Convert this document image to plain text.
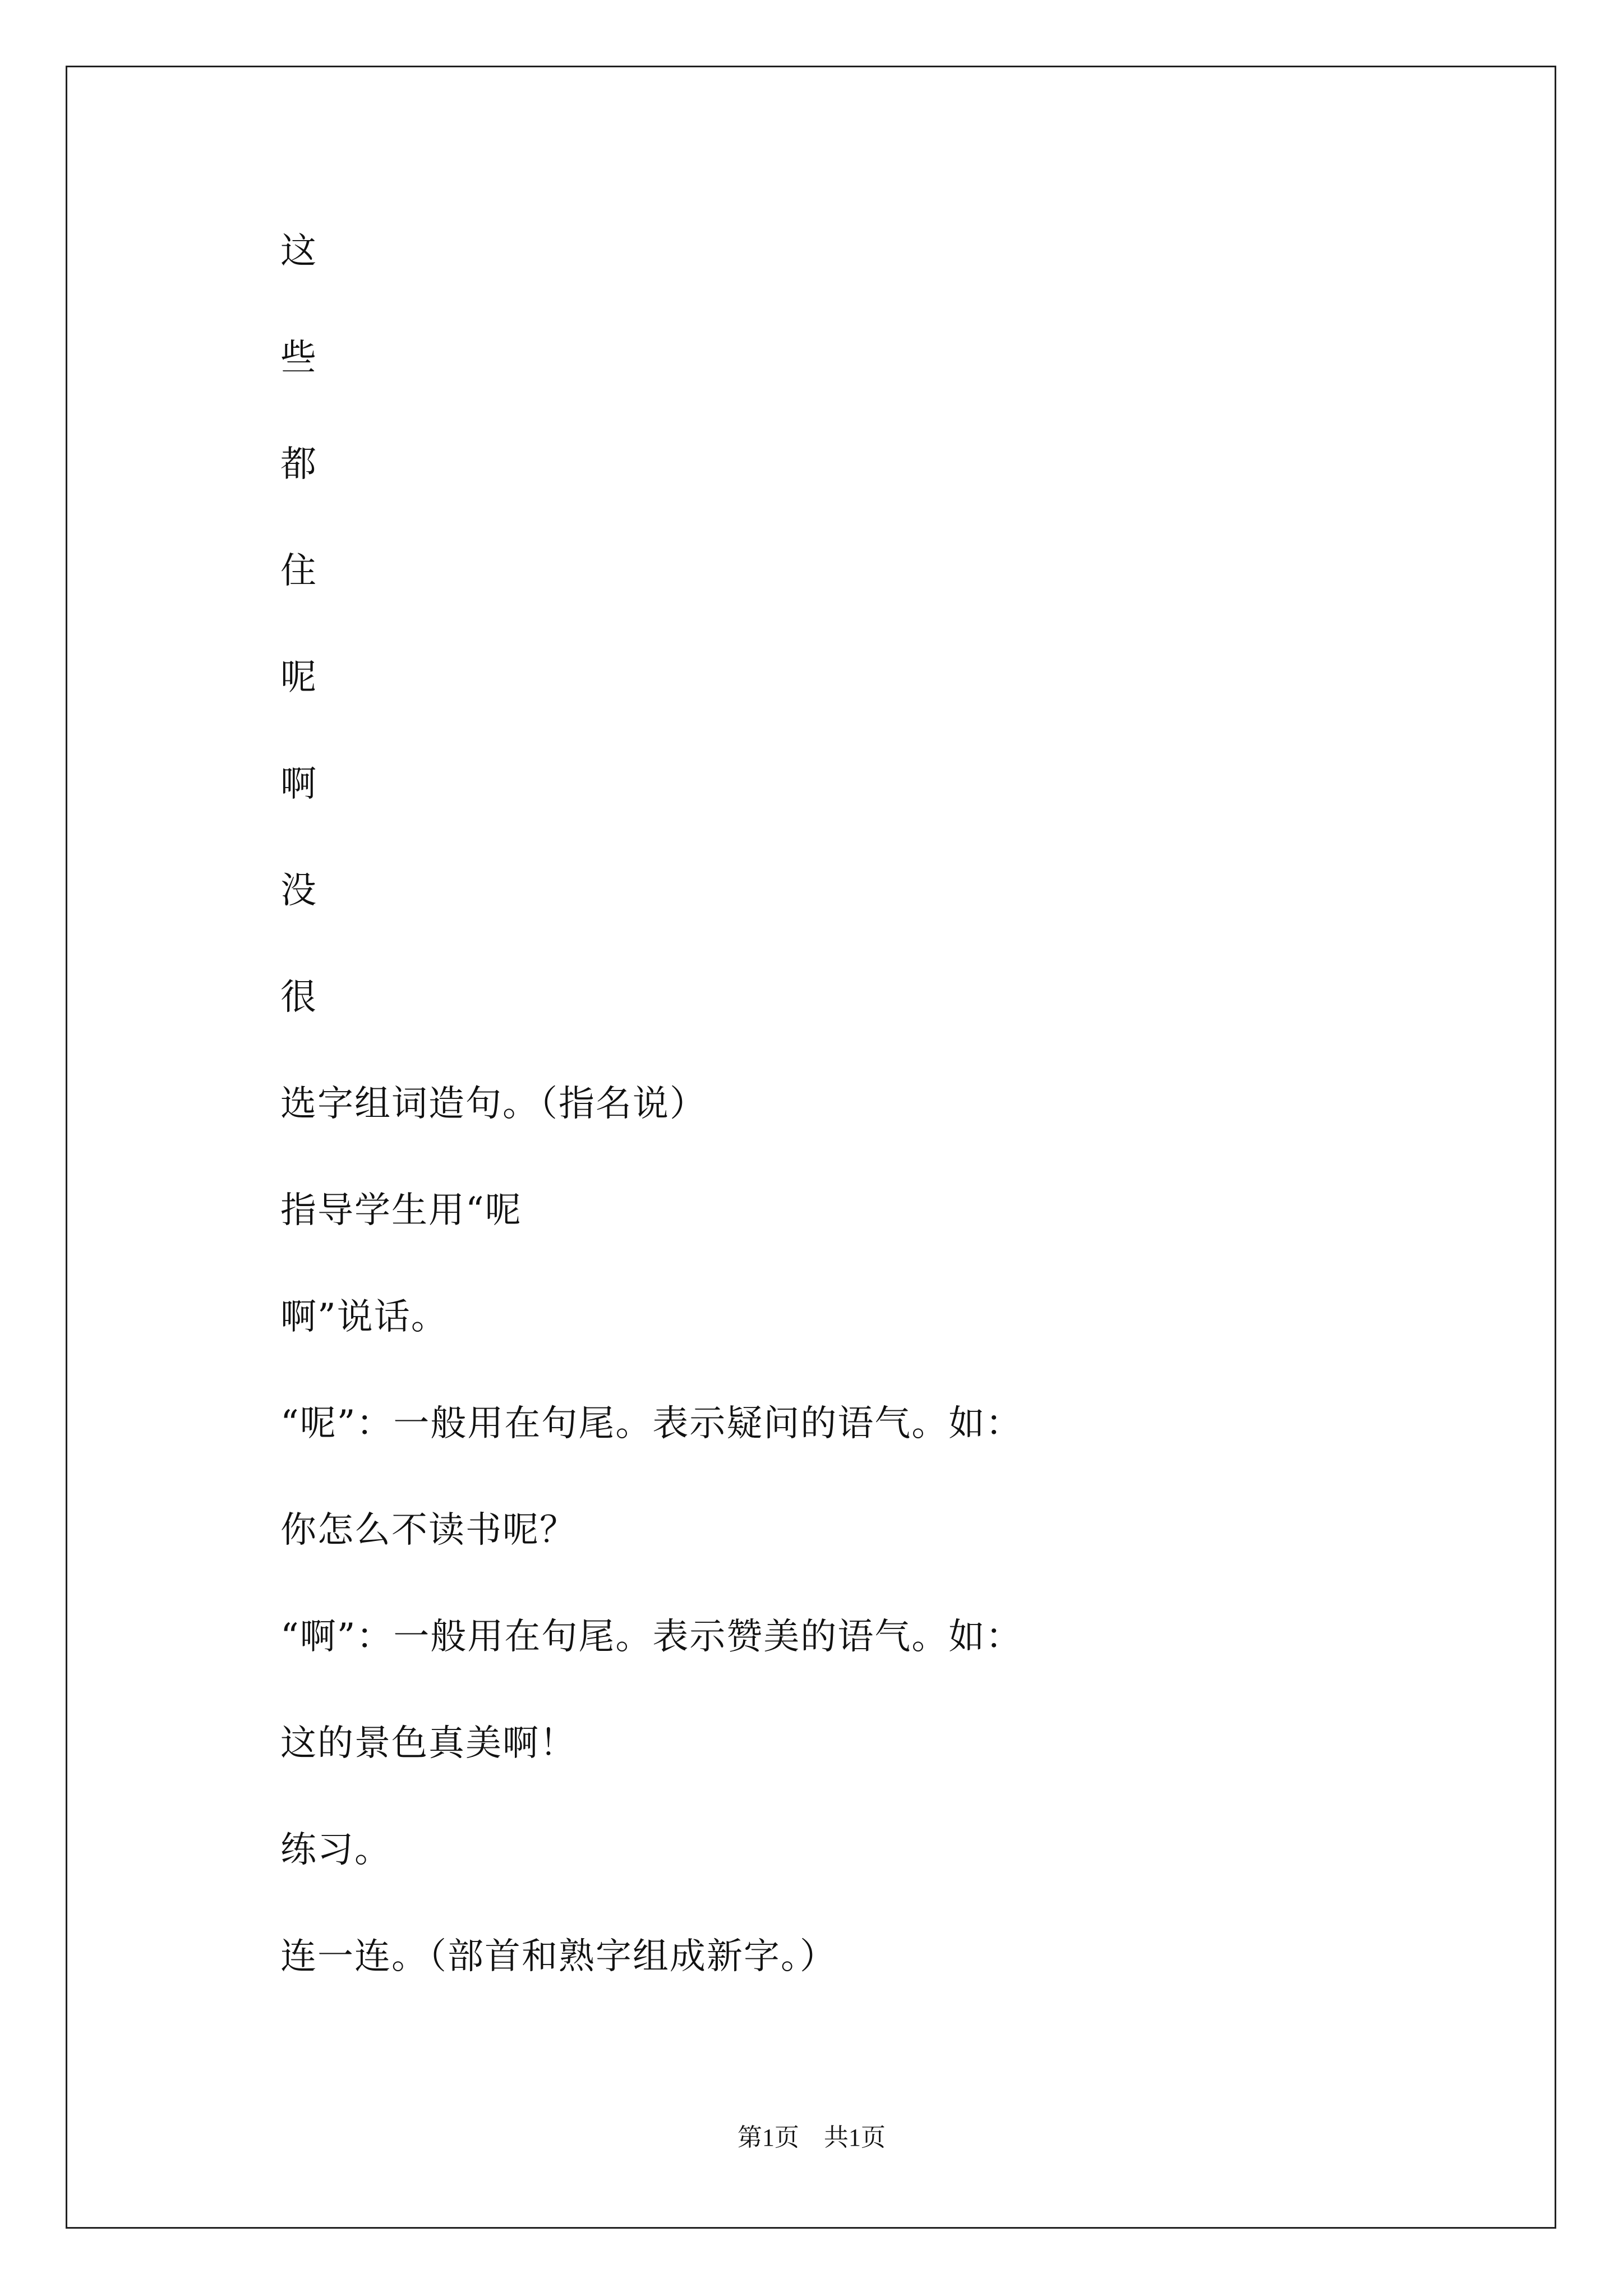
这
些
都
住
呢
啊
没
很
选字组词造句。（指名说）
指导学生用“呢
啊”说话。
“呢”：一般用在句尾。表示疑问的语气。如：
你怎么不读书呢？
“啊”：一般用在句尾。表示赞美的语气。如：
这的景色真美啊！
练习。
连一连。（部首和熟字组成新字。）
第1页　共1页
